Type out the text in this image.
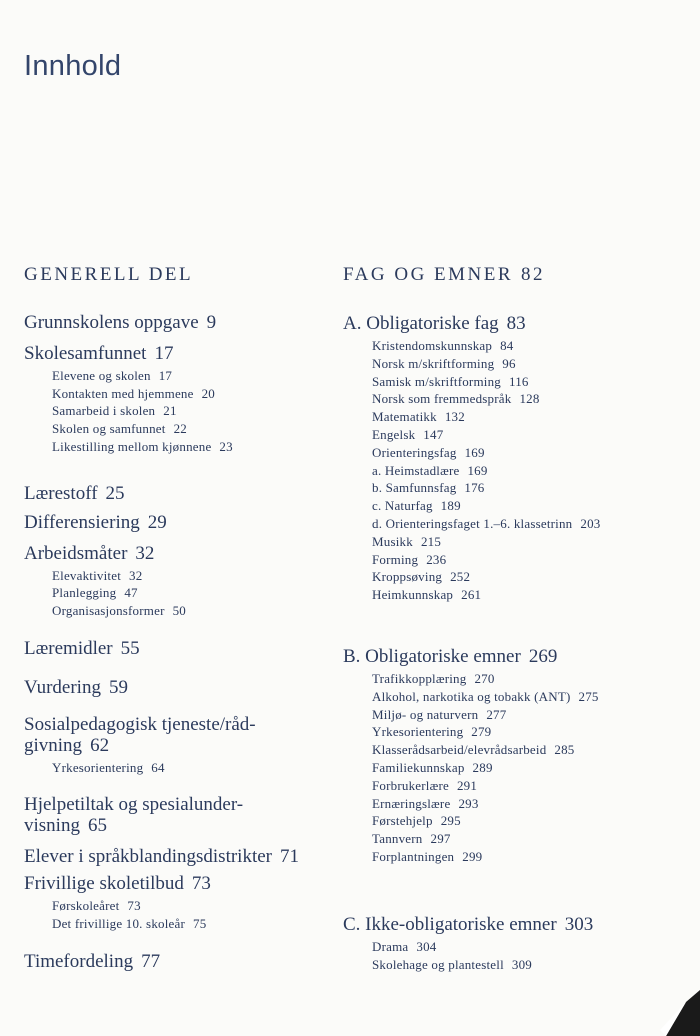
Innhold
GENERELL DEL
Grunnskolens oppgave 9
Skolesamfunnet 17
Elevene og skolen 17
Kontakten med hjemmene 20
Samarbeid i skolen 21
Skolen og samfunnet 22
Likestilling mellom kjønnene 23
Lærestoff 25
Differensiering 29
Arbeidsmåter 32
Elevaktivitet 32
Planlegging 47
Organisasjonsformer 50
Læremidler 55
Vurdering 59
Sosialpedagogisk tjeneste/råd-
givning 62
Yrkesorientering 64
Hjelpetiltak og spesialunder-
visning 65
Elever i språkblandingsdistrikter 71
Frivillige skoletilbud 73
Førskoleåret 73
Det frivillige 10. skoleår 75
Timefordeling 77
FAG OG EMNER 82
A. Obligatoriske fag 83
Kristendomskunnskap 84
Norsk m/skriftforming 96
Samisk m/skriftforming 116
Norsk som fremmedspråk 128
Matematikk 132
Engelsk 147
Orienteringsfag 169
a. Heimstadlære 169
b. Samfunnsfag 176
c. Naturfag 189
d. Orienteringsfaget 1.–6. klassetrinn 203
Musikk 215
Forming 236
Kroppsøving 252
Heimkunnskap 261
B. Obligatoriske emner 269
Trafikkopplæring 270
Alkohol, narkotika og tobakk (ANT) 275
Miljø- og naturvern 277
Yrkesorientering 279
Klasserådsarbeid/elevrådsarbeid 285
Familiekunnskap 289
Forbrukerlære 291
Ernæringslære 293
Førstehjelp 295
Tannvern 297
Forplantningen 299
C. Ikke-obligatoriske emner 303
Drama 304
Skolehage og plantestell 309
